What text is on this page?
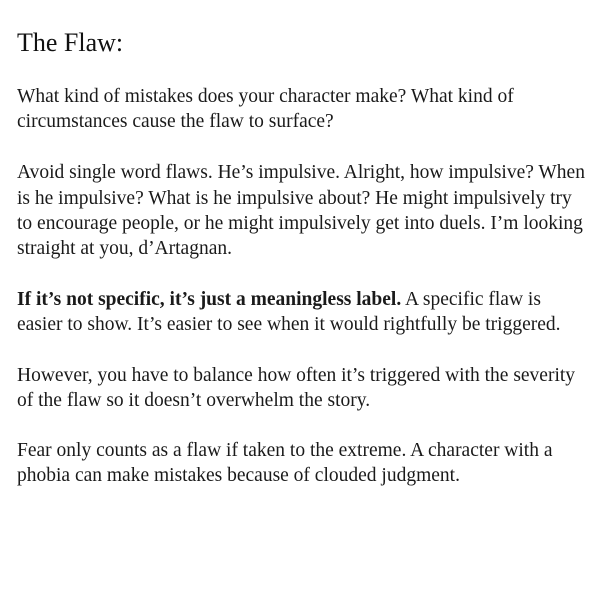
The Flaw:

What kind of mistakes does your character make? What kind of circumstances cause the flaw to surface?

Avoid single word flaws. He’s impulsive. Alright, how impulsive? When is he impulsive? What is he impulsive about? He might impulsively try to encourage people, or he might impulsively get into duels. I’m looking straight at you, d’Artagnan.

If it’s not specific, it’s just a meaningless label. A specific flaw is easier to show. It’s easier to see when it would rightfully be triggered.

However, you have to balance how often it’s triggered with the severity of the flaw so it doesn’t overwhelm the story.

Fear only counts as a flaw if taken to the extreme. A character with a phobia can make mistakes because of clouded judgment.
